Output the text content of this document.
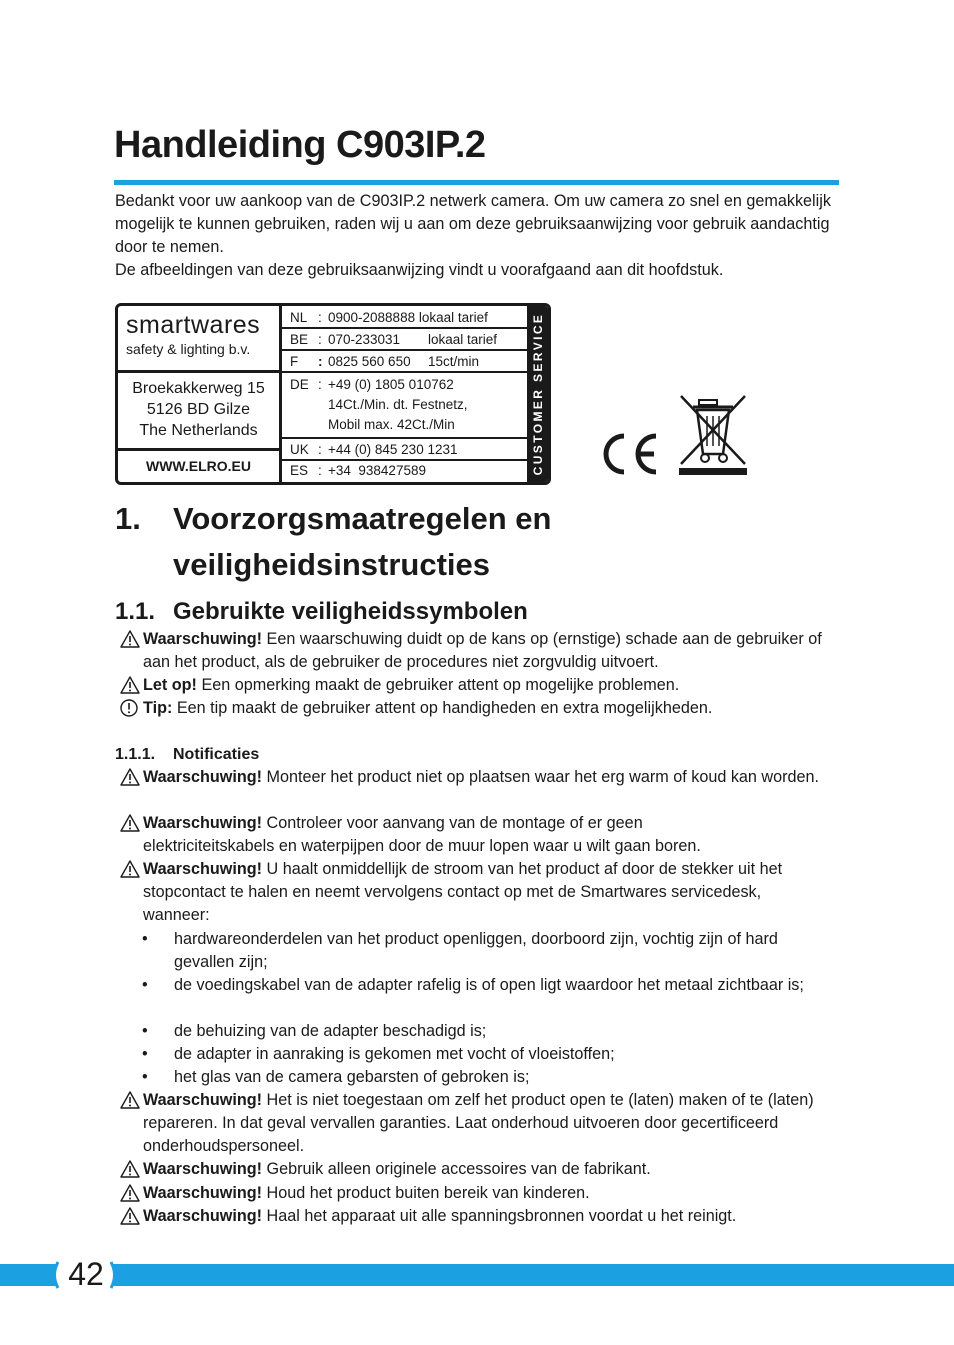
Handleiding C903IP.2

Bedankt voor uw aankoop van de C903IP.2 netwerk camera. Om uw camera zo snel en gemakkelijk mogelijk te kunnen gebruiken, raden wij u aan om deze gebruiksaanwijzing voor gebruik aandachtig door te nemen.

De afbeeldingen van deze gebruiksaanwijzing vindt u voorafgaand aan dit hoofdstuk.

smartwares
safety & lighting b.v.
Broekakkerweg 15
5126 BD Gilze
The Netherlands
WWW.ELRO.EU
NL : 0900-2088888 lokaal tarief
BE : 070-233031 lokaal tarief
F : 0825 560 650 15ct/min
DE : +49 (0) 1805 010762
14Ct./Min. dt. Festnetz,
Mobil max. 42Ct./Min
UK : +44 (0) 845 230 1231
ES : +34  938427589	CUSTOMER SERVICE
1. Voorzorgsmaatregelen en veiligheidsinstructies
1.1. Gebruikte veiligheidssymbolen
Waarschuwing! Een waarschuwing duidt op de kans op (ernstige) schade aan de gebruiker of aan het product, als de gebruiker de procedures niet zorgvuldig uitvoert.
Let op! Een opmerking maakt de gebruiker attent op mogelijke problemen.
Tip: Een tip maakt de gebruiker attent op handigheden en extra mogelijkheden.
1.1.1. Notificaties
Waarschuwing! Monteer het product niet op plaatsen waar het erg warm of koud kan worden.
Waarschuwing! Controleer voor aanvang van de montage of er geen elektriciteitskabels en waterpijpen door de muur lopen waar u wilt gaan boren.
Waarschuwing! U haalt onmiddellijk de stroom van het product af door de stekker uit het stopcontact te halen en neemt vervolgens contact op met de Smartwares servicedesk, wanneer:
• hardwareonderdelen van het product openliggen, doorboord zijn, vochtig zijn of hard gevallen zijn;
• de voedingskabel van de adapter rafelig is of open ligt waardoor het metaal zichtbaar is;
• de behuizing van de adapter beschadigd is;
• de adapter in aanraking is gekomen met vocht of vloeistoffen;
• het glas van de camera gebarsten of gebroken is;
Waarschuwing! Het is niet toegestaan om zelf het product open te (laten) maken of te (laten) repareren. In dat geval vervallen garanties. Laat onderhoud uitvoeren door gecertificeerd onderhoudspersoneel.
Waarschuwing! Gebruik alleen originele accessoires van de fabrikant.
Waarschuwing! Houd het product buiten bereik van kinderen.
Waarschuwing! Haal het apparaat uit alle spanningsbronnen voordat u het reinigt.
42
